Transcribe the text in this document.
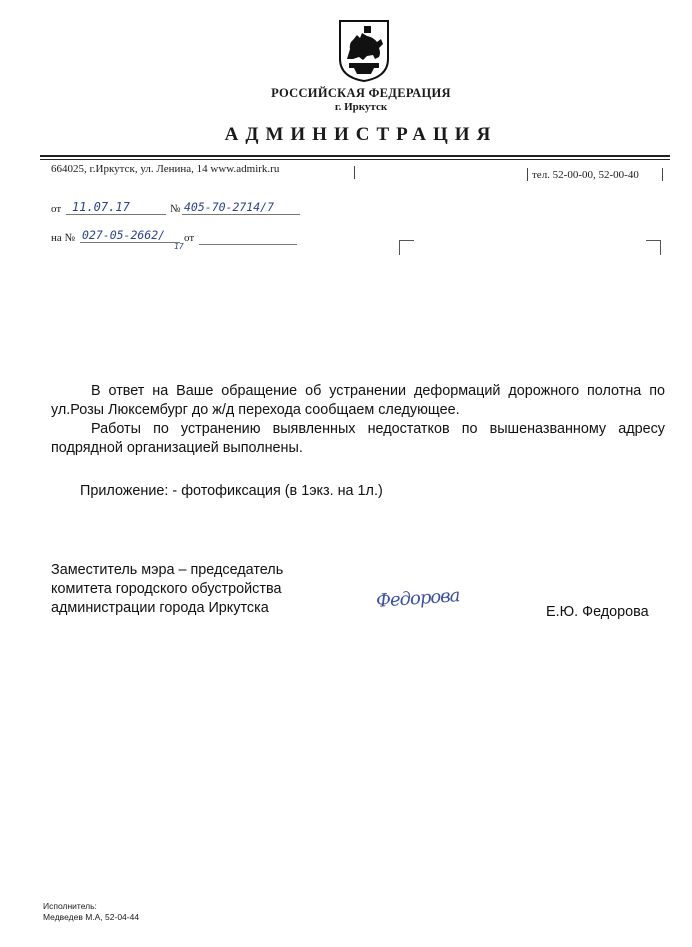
РОССИЙСКАЯ ФЕДЕРАЦИЯ
г. Иркутск
АДМИНИСТРАЦИЯ
664025, г.Иркутск, ул. Ленина, 14 www.admirk.ru	тел. 52-00-00, 52-00-40
от 11.07.17	№ 405-70-2714/7
на № 027-05-2662/
17
от
В ответ на Ваше обращение об устранении деформаций дорожного полотна по ул.Розы Люксембург до ж/д перехода сообщаем следующее.
Работы по устранению выявленных недостатков по вышеназванному адресу подрядной организацией выполнены.
Приложение: - фотофиксация (в 1экз. на 1л.)
Заместитель мэра – председатель
комитета городского обустройства
администрации города Иркутска	Федорова
Е.Ю. Федорова
Исполнитель:
Медведев М.А, 52-04-44
